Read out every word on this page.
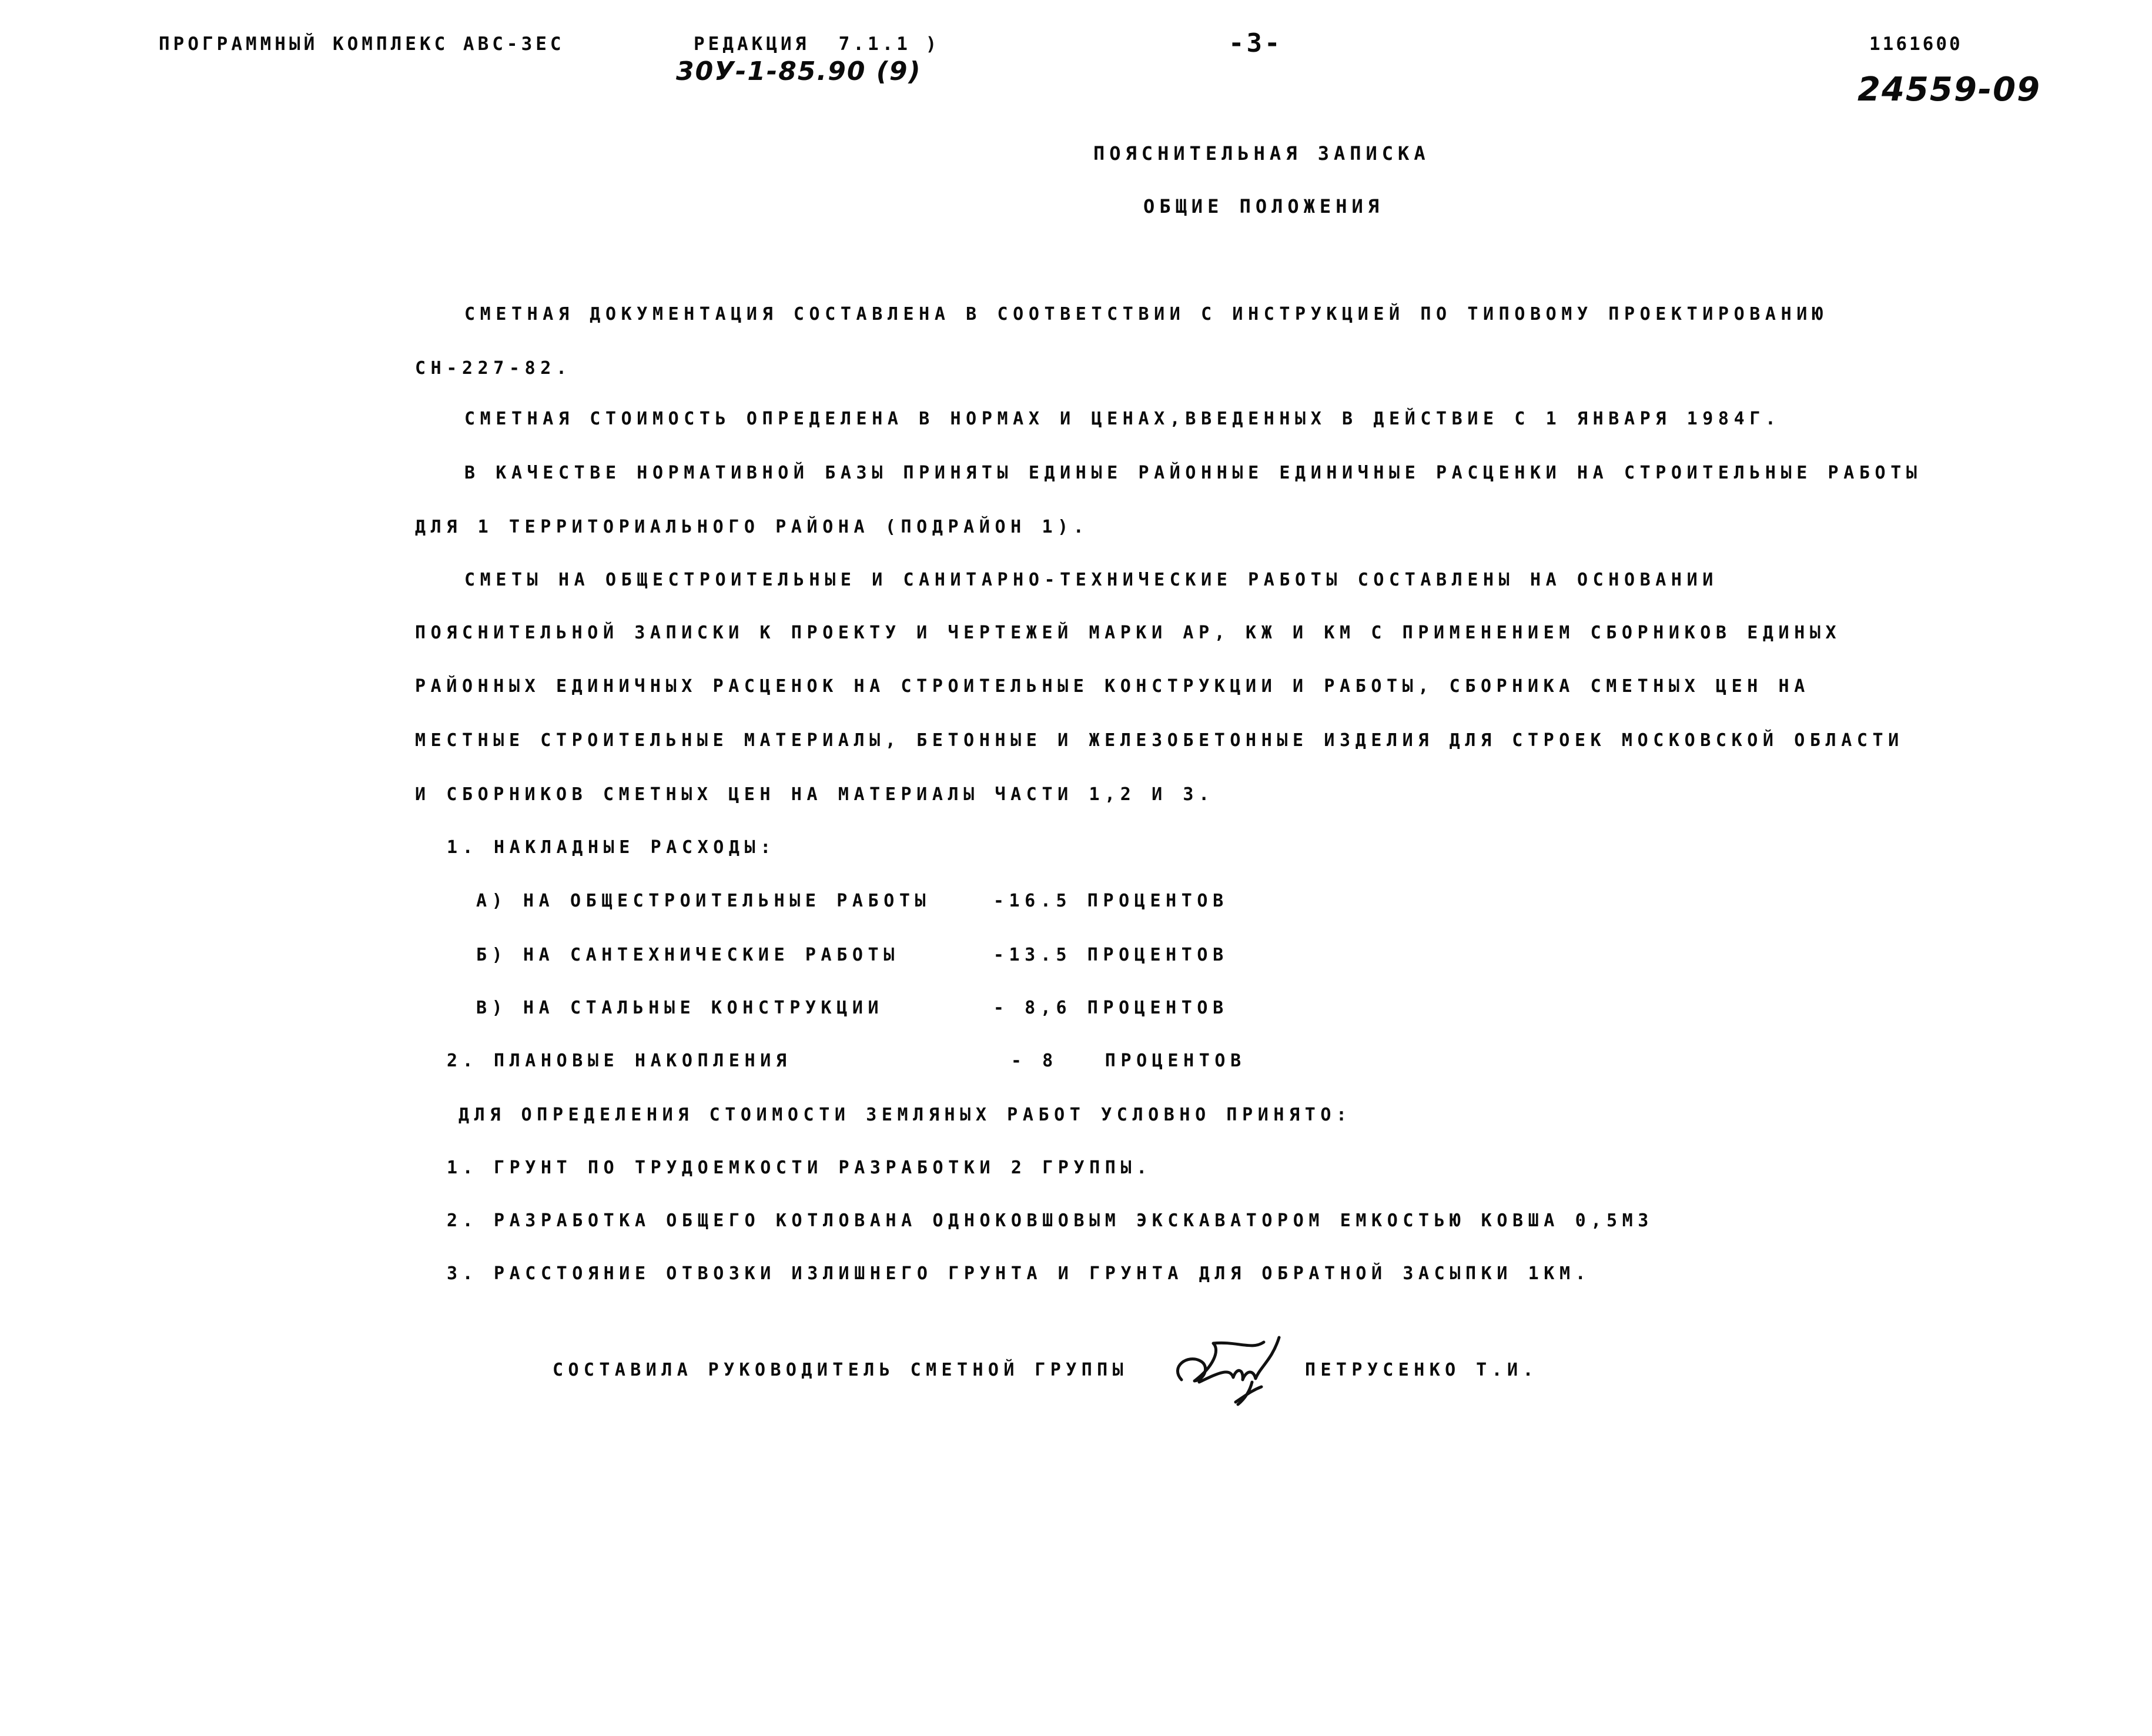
ПРОГРАММНЫЙ КОМПЛЕКС АВС-3ЕС	РЕДАКЦИЯ  7.1.1 )
30У-1-85.90 (9)
-3-	1161600
24559-09
ПОЯСНИТЕЛЬНАЯ ЗАПИСКА
ОБЩИЕ ПОЛОЖЕНИЯ
СМЕТНАЯ ДОКУМЕНТАЦИЯ СОСТАВЛЕНА В СООТВЕТСТВИИ С ИНСТРУКЦИЕЙ ПО ТИПОВОМУ ПРОЕКТИРОВАНИЮ
СН-227-82.
СМЕТНАЯ СТОИМОСТЬ ОПРЕДЕЛЕНА В НОРМАХ И ЦЕНАХ,ВВЕДЕННЫХ В ДЕЙСТВИЕ С 1 ЯНВАРЯ 1984Г.
В КАЧЕСТВЕ НОРМАТИВНОЙ БАЗЫ ПРИНЯТЫ ЕДИНЫЕ РАЙОННЫЕ ЕДИНИЧНЫЕ РАСЦЕНКИ НА СТРОИТЕЛЬНЫЕ РАБОТЫ
ДЛЯ 1 ТЕРРИТОРИАЛЬНОГО РАЙОНА (ПОДРАЙОН 1).
СМЕТЫ НА ОБЩЕСТРОИТЕЛЬНЫЕ И САНИТАРНО-ТЕХНИЧЕСКИЕ РАБОТЫ СОСТАВЛЕНЫ НА ОСНОВАНИИ
ПОЯСНИТЕЛЬНОЙ ЗАПИСКИ К ПРОЕКТУ И ЧЕРТЕЖЕЙ МАРКИ АР, КЖ И КМ С ПРИМЕНЕНИЕМ СБОРНИКОВ ЕДИНЫХ
РАЙОННЫХ ЕДИНИЧНЫХ РАСЦЕНОК НА СТРОИТЕЛЬНЫЕ КОНСТРУКЦИИ И РАБОТЫ, СБОРНИКА СМЕТНЫХ ЦЕН НА
МЕСТНЫЕ СТРОИТЕЛЬНЫЕ МАТЕРИАЛЫ, БЕТОННЫЕ И ЖЕЛЕЗОБЕТОННЫЕ ИЗДЕЛИЯ ДЛЯ СТРОЕК МОСКОВСКОЙ ОБЛАСТИ
И СБОРНИКОВ СМЕТНЫХ ЦЕН НА МАТЕРИАЛЫ ЧАСТИ 1,2 И 3.
1. НАКЛАДНЫЕ РАСХОДЫ:
А) НА ОБЩЕСТРОИТЕЛЬНЫЕ РАБОТЫ    -16.5 ПРОЦЕНТОВ
Б) НА САНТЕХНИЧЕСКИЕ РАБОТЫ      -13.5 ПРОЦЕНТОВ
В) НА СТАЛЬНЫЕ КОНСТРУКЦИИ       - 8,6 ПРОЦЕНТОВ
2. ПЛАНОВЫЕ НАКОПЛЕНИЯ              - 8   ПРОЦЕНТОВ
ДЛЯ ОПРЕДЕЛЕНИЯ СТОИМОСТИ ЗЕМЛЯНЫХ РАБОТ УСЛОВНО ПРИНЯТО:
1. ГРУНТ ПО ТРУДОЕМКОСТИ РАЗРАБОТКИ 2 ГРУППЫ.
2. РАЗРАБОТКА ОБЩЕГО КОТЛОВАНА ОДНОКОВШОВЫМ ЭКСКАВАТОРОМ ЕМКОСТЬЮ КОВША 0,5М3
3. РАССТОЯНИЕ ОТВОЗКИ ИЗЛИШНЕГО ГРУНТА И ГРУНТА ДЛЯ ОБРАТНОЙ ЗАСЫПКИ 1КМ.
СОСТАВИЛА РУКОВОДИТЕЛЬ СМЕТНОЙ ГРУППЫ	ПЕТРУСЕНКО Т.И.
